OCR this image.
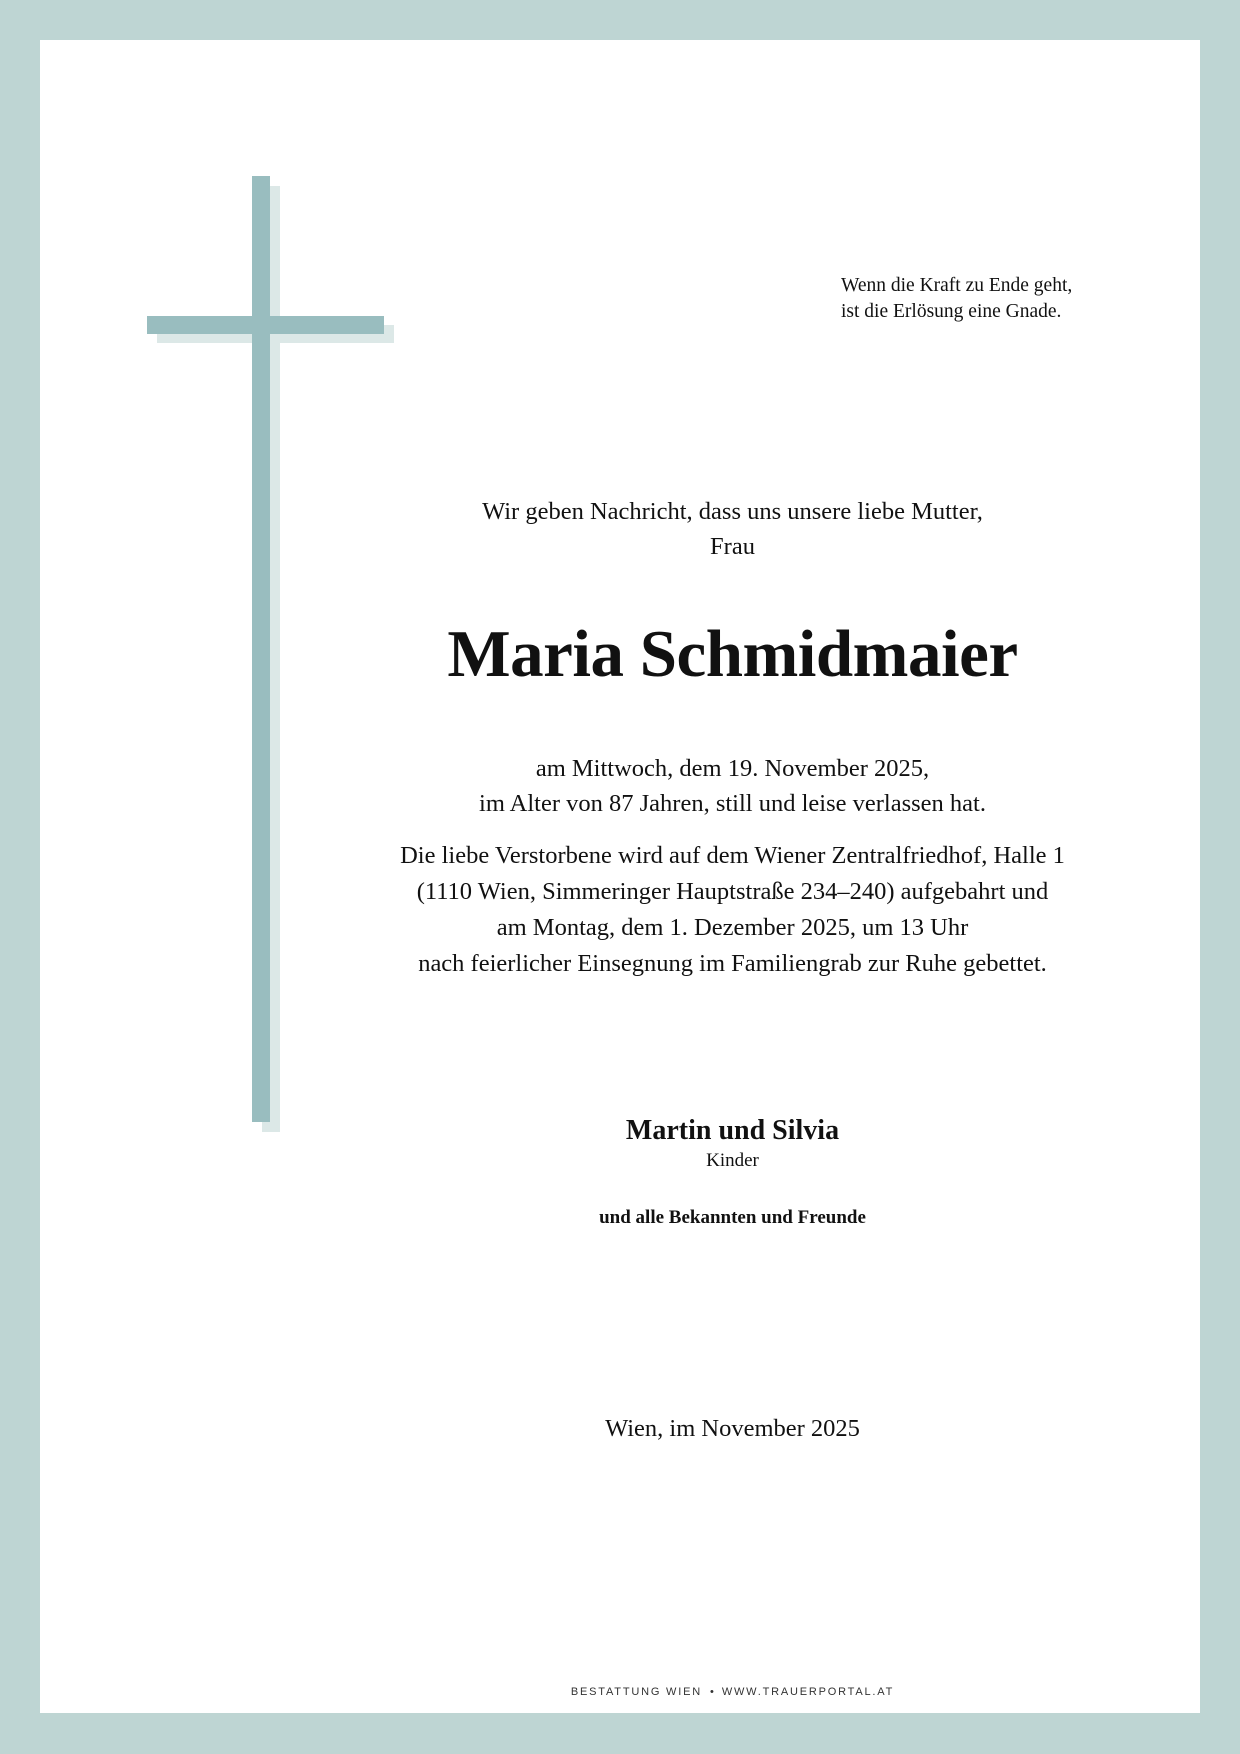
Wenn die Kraft zu Ende geht,
ist die Erlösung eine Gnade.
Wir geben Nachricht, dass uns unsere liebe Mutter,
Frau
Maria Schmidmaier
am Mittwoch, dem 19. November 2025,
im Alter von 87 Jahren, still und leise verlassen hat.
Die liebe Verstorbene wird auf dem Wiener Zentralfriedhof, Halle 1
(1110 Wien, Simmeringer Hauptstraße 234–240) aufgebahrt und
am Montag, dem 1. Dezember 2025, um 13 Uhr
nach feierlicher Einsegnung im Familiengrab zur Ruhe gebettet.
Martin und Silvia
Kinder
und alle Bekannten und Freunde
Wien, im November 2025
BESTATTUNG WIEN • WWW.TRAUERPORTAL.AT
